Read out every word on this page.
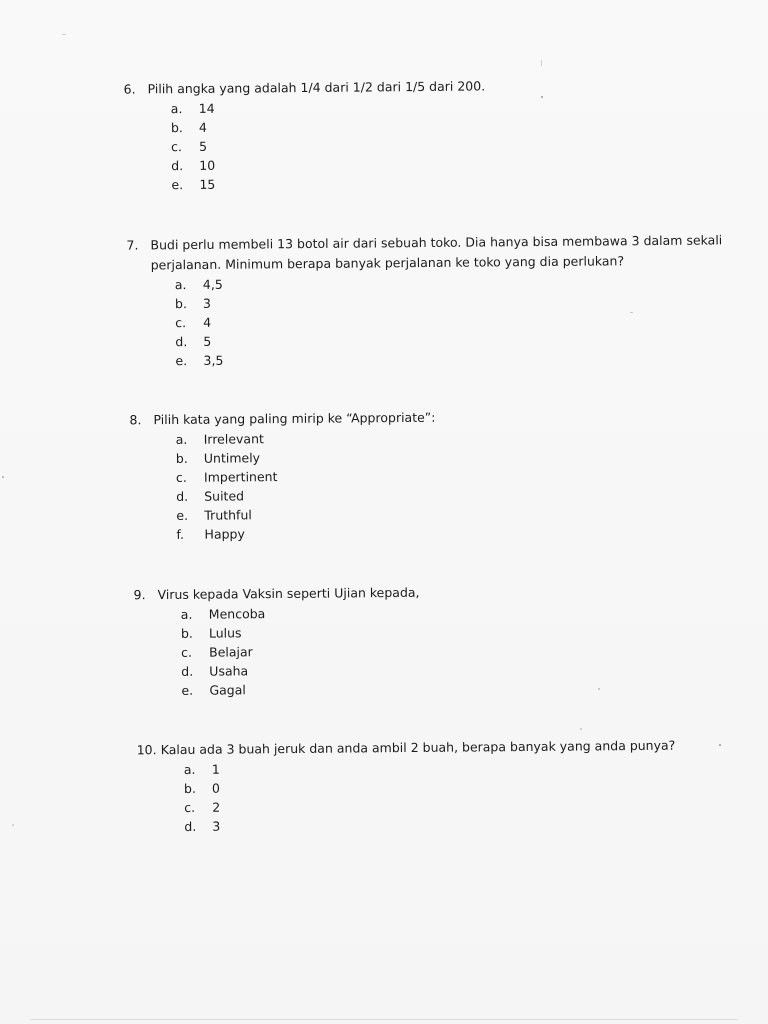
6. Pilih angka yang adalah 1/4 dari 1/2 dari 1/5 dari 200.
a.	14
b.	4
c.	5
d.	10
e.	15
7. Budi perlu membeli 13 botol air dari sebuah toko. Dia hanya bisa membawa 3 dalam sekali
perjalanan. Minimum berapa banyak perjalanan ke toko yang dia perlukan?
a.	4,5
b.	3
c.	4
d.	5
e.	3,5
8. Pilih kata yang paling mirip ke “Appropriate”:
a.	Irrelevant
b.	Untimely
c.	Impertinent
d.	Suited
e.	Truthful
f.	Happy
9. Virus kepada Vaksin seperti Ujian kepada,
a.	Mencoba
b.	Lulus
c.	Belajar
d.	Usaha
e.	Gagal
10. Kalau ada 3 buah jeruk dan anda ambil 2 buah, berapa banyak yang anda punya?
a.	1
b.	0
c.	2
d.	3
